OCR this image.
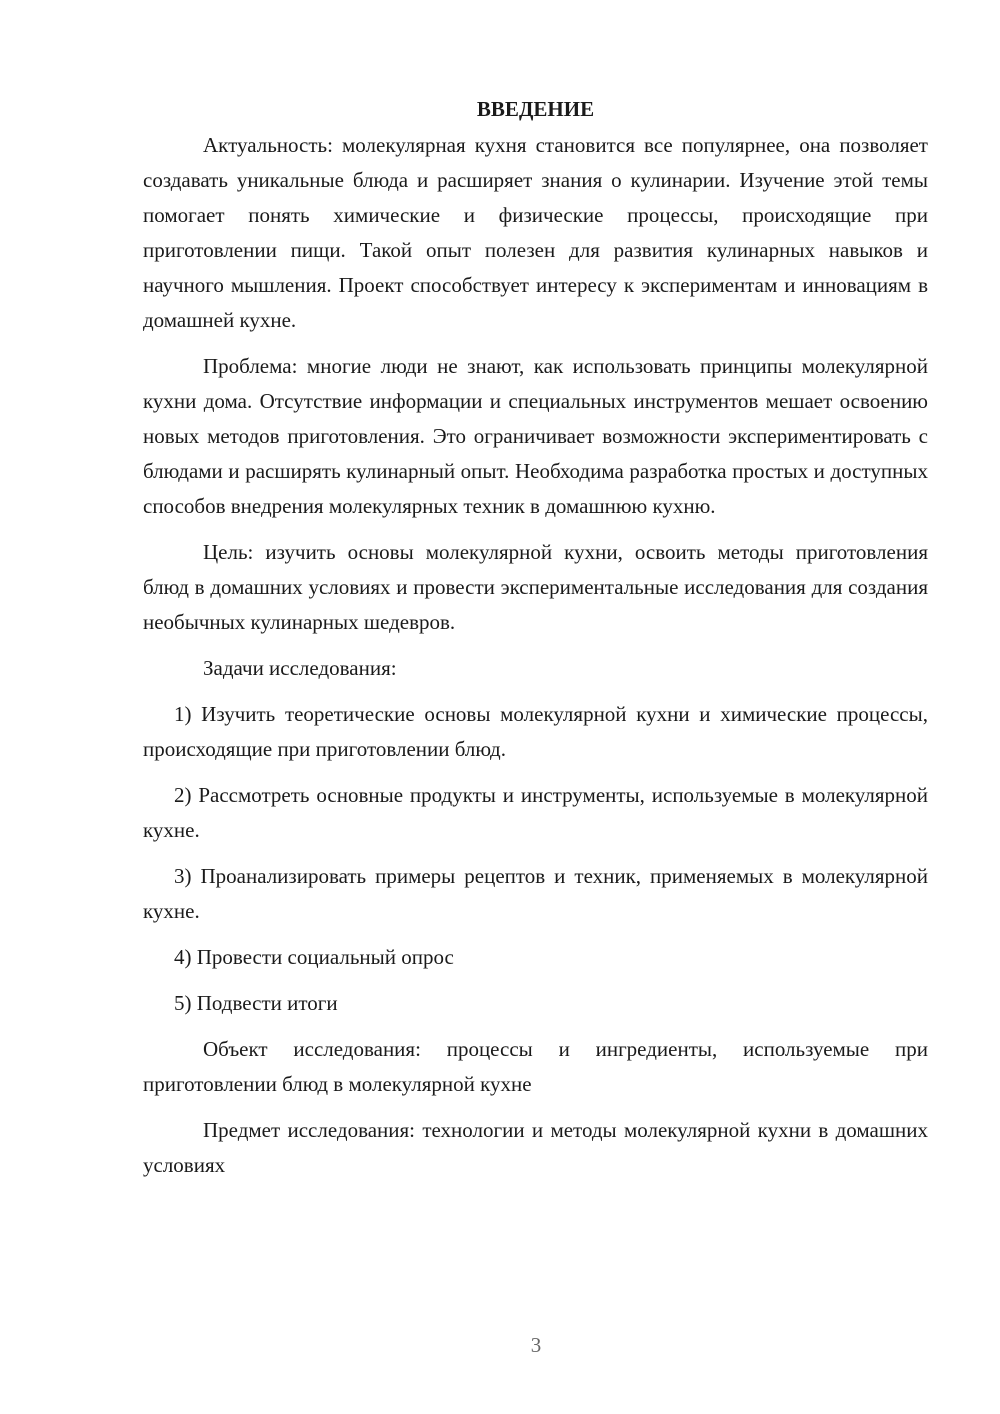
ВВЕДЕНИЕ

Актуальность: молекулярная кухня становится все популярнее, она позволяет создавать уникальные блюда и расширяет знания о кулинарии. Изучение этой темы помогает понять химические и физические процессы, происходящие при приготовлении пищи. Такой опыт полезен для развития кулинарных навыков и научного мышления. Проект способствует интересу к экспериментам и инновациям в домашней кухне.

Проблема: многие люди не знают, как использовать принципы молекулярной кухни дома. Отсутствие информации и специальных инструментов мешает освоению новых методов приготовления. Это ограничивает возможности экспериментировать с блюдами и расширять кулинарный опыт. Необходима разработка простых и доступных способов внедрения молекулярных техник в домашнюю кухню.

Цель: изучить основы молекулярной кухни, освоить методы приготовления блюд в домашних условиях и провести экспериментальные исследования для создания необычных кулинарных шедевров.

Задачи исследования:

1) Изучить теоретические основы молекулярной кухни и химические процессы, происходящие при приготовлении блюд.

2) Рассмотреть основные продукты и инструменты, используемые в молекулярной кухне.

3) Проанализировать примеры рецептов и техник, применяемых в молекулярной кухне.

4) Провести социальный опрос

5) Подвести итоги

Объект исследования: процессы и ингредиенты, используемые при приготовлении блюд в молекулярной кухне

Предмет исследования: технологии и методы молекулярной кухни в домашних условиях

3
